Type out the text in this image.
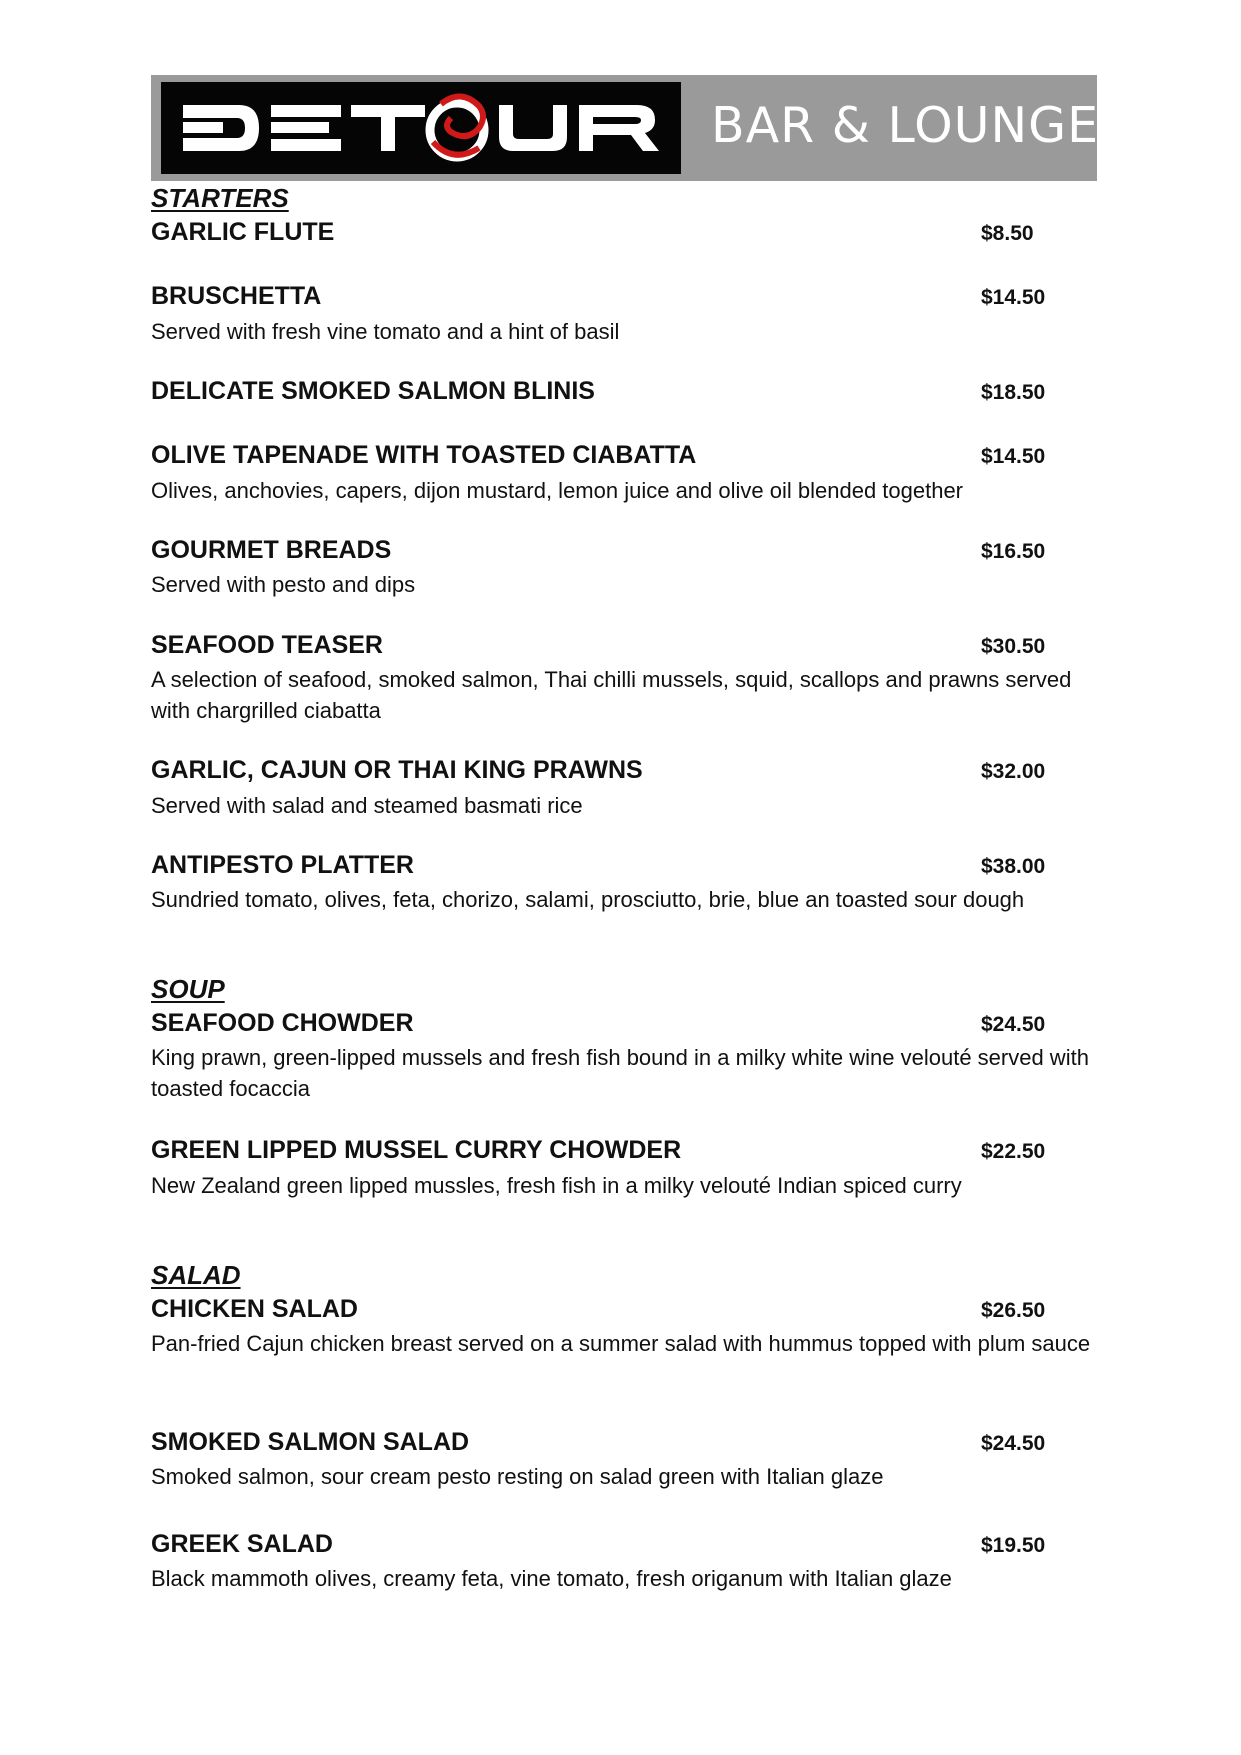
BAR & LOUNGE
STARTERS
GARLIC FLUTE	$8.50
BRUSCHETTA	$14.50
Served with fresh vine tomato and a hint of basil
DELICATE SMOKED SALMON BLINIS	$18.50
OLIVE TAPENADE WITH TOASTED CIABATTA	$14.50
Olives, anchovies, capers, dijon mustard, lemon juice and olive oil blended together
GOURMET BREADS	$16.50
Served with pesto and dips
SEAFOOD TEASER	$30.50
A selection of seafood, smoked salmon, Thai chilli mussels, squid, scallops and prawns served with chargrilled ciabatta
GARLIC, CAJUN OR THAI KING PRAWNS	$32.00
Served with salad and steamed basmati rice
ANTIPESTO PLATTER	$38.00
Sundried tomato, olives, feta, chorizo, salami, prosciutto, brie, blue an toasted sour dough
SOUP
SEAFOOD CHOWDER	$24.50
King prawn, green-lipped mussels and fresh fish bound in a milky white wine velouté served with toasted focaccia
GREEN LIPPED MUSSEL CURRY CHOWDER	$22.50
New Zealand green lipped mussles, fresh fish in a milky velouté Indian spiced curry
SALAD
CHICKEN SALAD	$26.50
Pan-fried Cajun chicken breast served on a summer salad with hummus topped with plum sauce
SMOKED SALMON SALAD	$24.50
Smoked salmon, sour cream pesto resting on salad green with Italian glaze
GREEK SALAD	$19.50
Black mammoth olives, creamy feta, vine tomato, fresh origanum with Italian glaze
